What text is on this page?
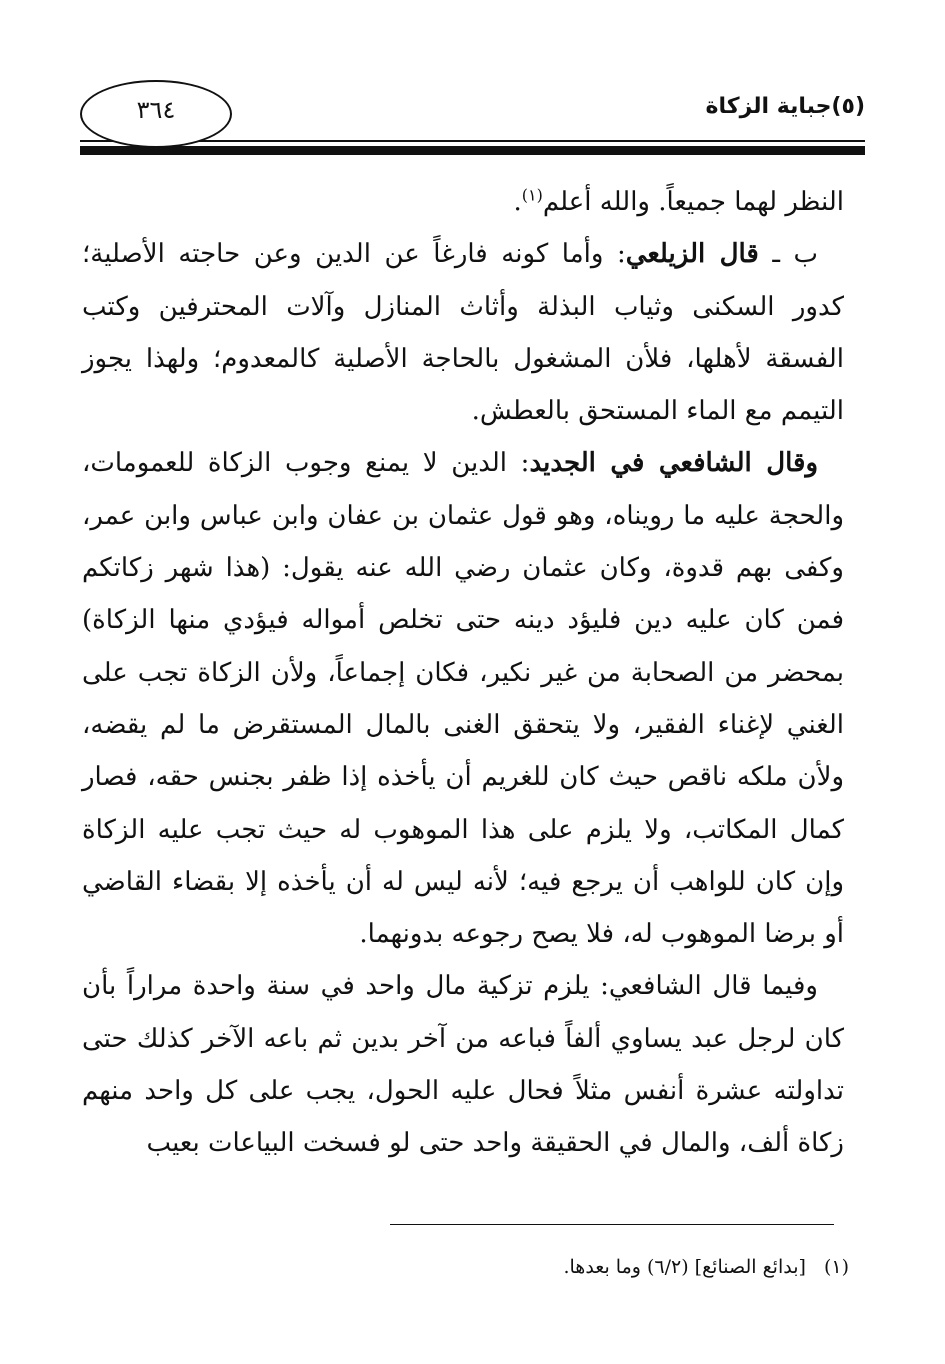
٣٦٤	(٥)جباية الزكاة

النظر لهما جميعاً. والله أعلم$^{(١)}$.

ب ـ قال الزيلعي: وأما كونه فارغاً عن الدين وعن حاجته الأصلية؛ كدور السكنى وثياب البذلة وأثاث المنازل وآلات المحترفين وكتب الفسقة لأهلها، فلأن المشغول بالحاجة الأصلية كالمعدوم؛ ولهذا يجوز التيمم مع الماء المستحق بالعطش.

وقال الشافعي في الجديد: الدين لا يمنع وجوب الزكاة للعمومات، والحجة عليه ما رويناه، وهو قول عثمان بن عفان وابن عباس وابن عمر، وكفى بهم قدوة، وكان عثمان رضي الله عنه يقول: (هذا شهر زكاتكم فمن كان عليه دين فليؤد دينه حتى تخلص أمواله فيؤدي منها الزكاة) بمحضر من الصحابة من غير نكير، فكان إجماعاً، ولأن الزكاة تجب على الغني لإغناء الفقير، ولا يتحقق الغنى بالمال المستقرض ما لم يقضه، ولأن ملكه ناقص حيث كان للغريم أن يأخذه إذا ظفر بجنس حقه، فصار كمال المكاتب، ولا يلزم على هذا الموهوب له حيث تجب عليه الزكاة وإن كان للواهب أن يرجع فيه؛ لأنه ليس له أن يأخذه إلا بقضاء القاضي أو برضا الموهوب له، فلا يصح رجوعه بدونهما.

وفيما قال الشافعي: يلزم تزكية مال واحد في سنة واحدة مراراً بأن كان لرجل عبد يساوي ألفاً فباعه من آخر بدين ثم باعه الآخر كذلك حتى تداولته عشرة أنفس مثلاً فحال عليه الحول، يجب على كل واحد منهم زكاة ألف، والمال في الحقيقة واحد حتى لو فسخت البياعات بعيب

(١)[بدائع الصنائع] (٦/٢) وما بعدها.
